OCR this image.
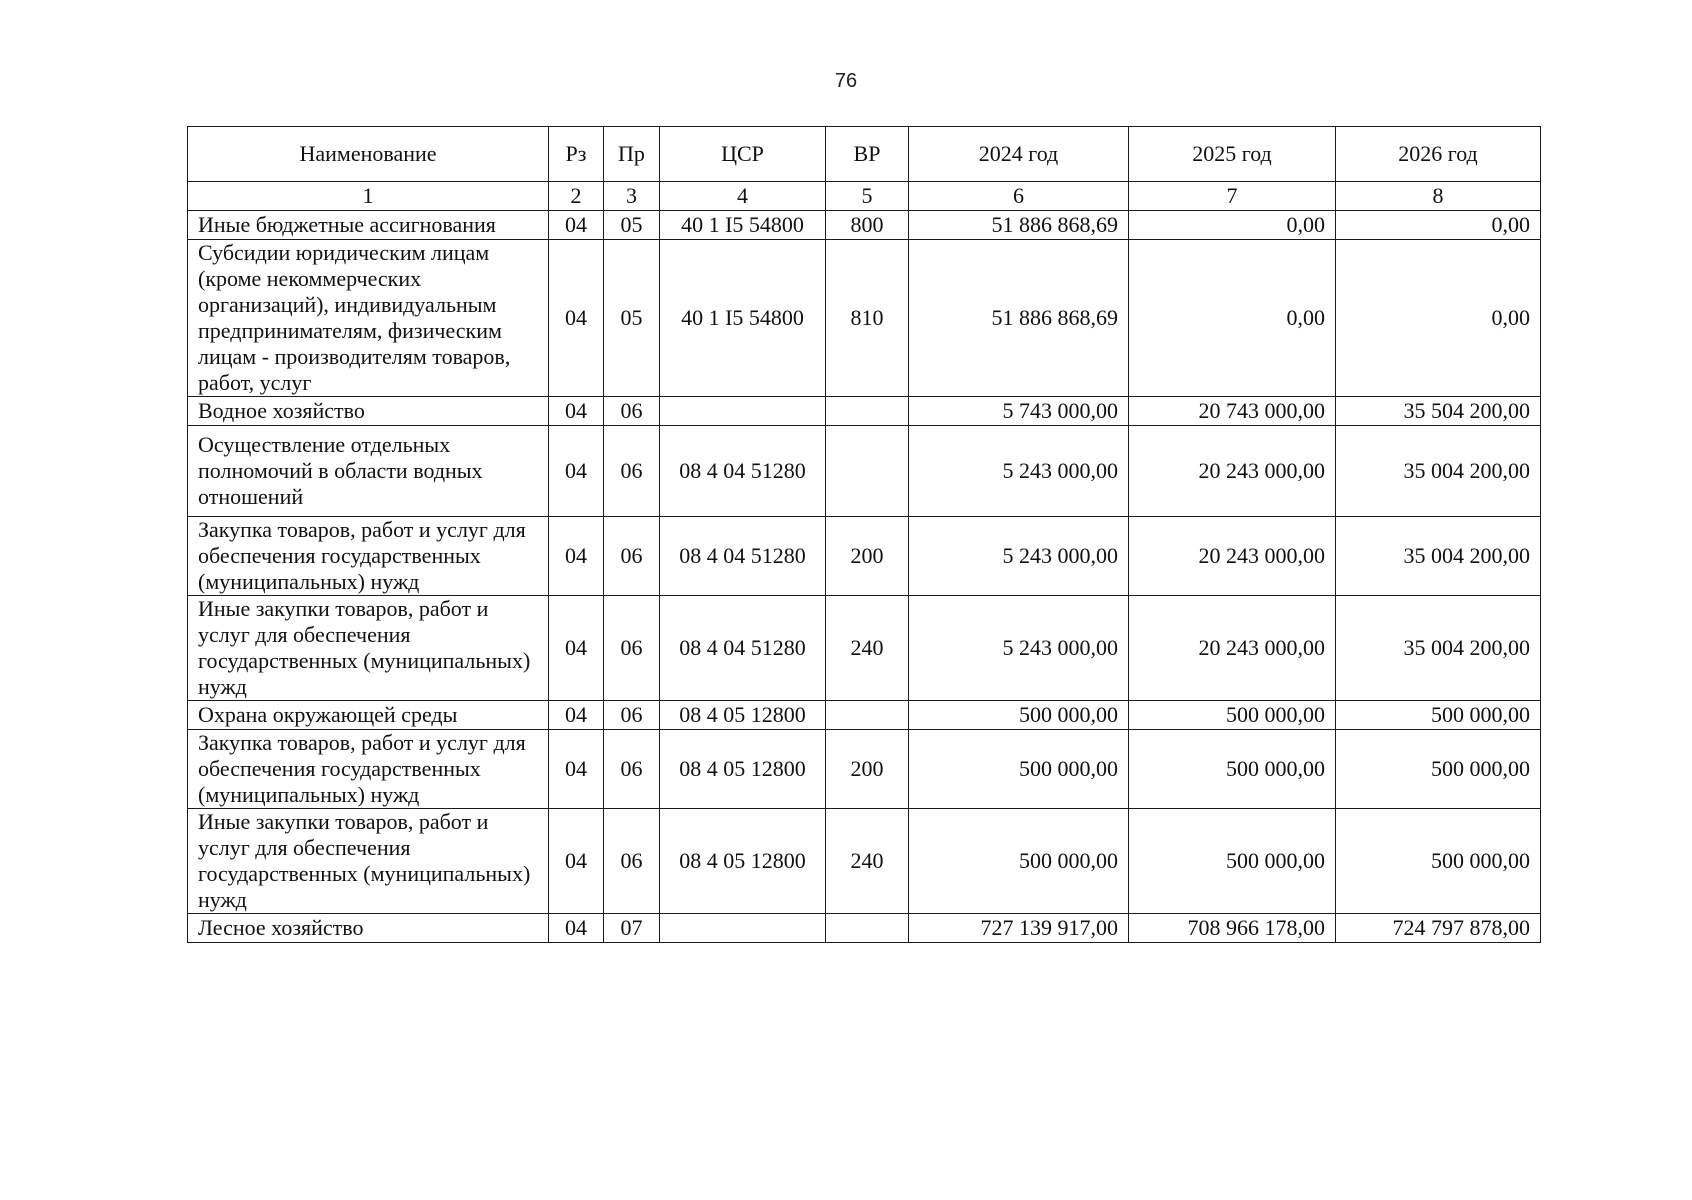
76
Наименование	Рз	Пр	ЦСР	ВР	2024 год	2025 год	2026 год
1	2	3	4	5	6	7	8
Иные бюджетные ассигнования	04	05	40 1 I5 54800	800	51 886 868,69	0,00	0,00
Субсидии юридическим лицам (кроме некоммерческих организаций), индивидуальным предпринимателям, физическим лицам - производителям товаров, работ, услуг	04	05	40 1 I5 54800	810	51 886 868,69	0,00	0,00
Водное хозяйство	04	06			5 743 000,00	20 743 000,00	35 504 200,00
Осуществление отдельных полномочий в области водных отношений	04	06	08 4 04 51280		5 243 000,00	20 243 000,00	35 004 200,00
Закупка товаров, работ и услуг для обеспечения государственных (муниципальных) нужд	04	06	08 4 04 51280	200	5 243 000,00	20 243 000,00	35 004 200,00
Иные закупки товаров, работ и услуг для обеспечения государственных (муниципальных) нужд	04	06	08 4 04 51280	240	5 243 000,00	20 243 000,00	35 004 200,00
Охрана окружающей среды	04	06	08 4 05 12800		500 000,00	500 000,00	500 000,00
Закупка товаров, работ и услуг для обеспечения государственных (муниципальных) нужд	04	06	08 4 05 12800	200	500 000,00	500 000,00	500 000,00
Иные закупки товаров, работ и услуг для обеспечения государственных (муниципальных) нужд	04	06	08 4 05 12800	240	500 000,00	500 000,00	500 000,00
Лесное хозяйство	04	07			727 139 917,00	708 966 178,00	724 797 878,00
